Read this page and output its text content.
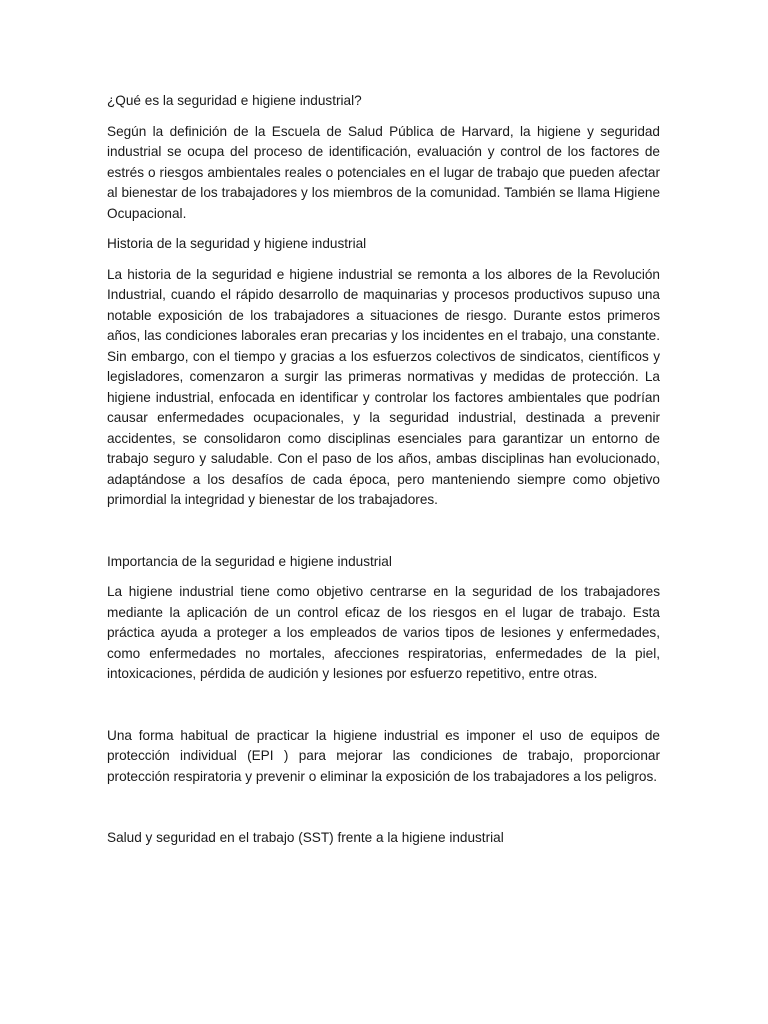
¿Qué es la seguridad e higiene industrial?

Según la definición de la Escuela de Salud Pública de Harvard, la higiene y seguridad industrial se ocupa del proceso de identificación, evaluación y control de los factores de estrés o riesgos ambientales reales o potenciales en el lugar de trabajo que pueden afectar al bienestar de los trabajadores y los miembros de la comunidad. También se llama Higiene Ocupacional.

Historia de la seguridad y higiene industrial

La historia de la seguridad e higiene industrial se remonta a los albores de la Revolución Industrial, cuando el rápido desarrollo de maquinarias y procesos productivos supuso una notable exposición de los trabajadores a situaciones de riesgo. Durante estos primeros años, las condiciones laborales eran precarias y los incidentes en el trabajo, una constante. Sin embargo, con el tiempo y gracias a los esfuerzos colectivos de sindicatos, científicos y legisladores, comenzaron a surgir las primeras normativas y medidas de protección. La higiene industrial, enfocada en identificar y controlar los factores ambientales que podrían causar enfermedades ocupacionales, y la seguridad industrial, destinada a prevenir accidentes, se consolidaron como disciplinas esenciales para garantizar un entorno de trabajo seguro y saludable. Con el paso de los años, ambas disciplinas han evolucionado, adaptándose a los desafíos de cada época, pero manteniendo siempre como objetivo primordial la integridad y bienestar de los trabajadores.

Importancia de la seguridad e higiene industrial

La higiene industrial tiene como objetivo centrarse en la seguridad de los trabajadores mediante la aplicación de un control eficaz de los riesgos en el lugar de trabajo. Esta práctica ayuda a proteger a los empleados de varios tipos de lesiones y enfermedades, como enfermedades no mortales, afecciones respiratorias, enfermedades de la piel, intoxicaciones, pérdida de audición y lesiones por esfuerzo repetitivo, entre otras.

Una forma habitual de practicar la higiene industrial es imponer el uso de equipos de protección individual (EPI ) para mejorar las condiciones de trabajo, proporcionar protección respiratoria y prevenir o eliminar la exposición de los trabajadores a los peligros.

Salud y seguridad en el trabajo (SST) frente a la higiene industrial
